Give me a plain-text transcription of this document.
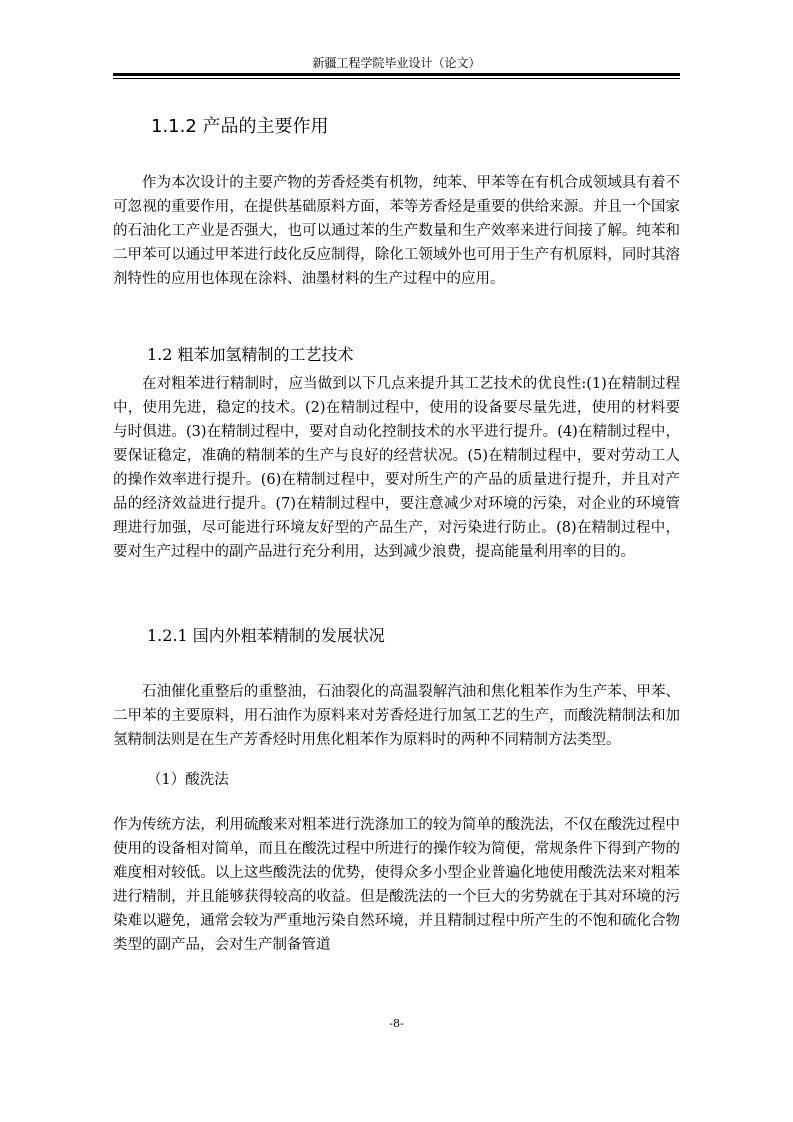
新疆工程学院毕业设计（论文）
1.1.2 产品的主要作用

作为本次设计的主要产物的芳香烃类有机物，纯苯、甲苯等在有机合成领域具有着不可忽视的重要作用，在提供基础原料方面，苯等芳香烃是重要的供给来源。并且一个国家的石油化工产业是否强大，也可以通过苯的生产数量和生产效率来进行间接了解。纯苯和二甲苯可以通过甲苯进行歧化反应制得，除化工领域外也可用于生产有机原料，同时其溶剂特性的应用也体现在涂料、油墨材料的生产过程中的应用。

1.2 粗苯加氢精制的工艺技术

在对粗苯进行精制时，应当做到以下几点来提升其工艺技术的优良性:(1)在精制过程中，使用先进，稳定的技术。(2)在精制过程中，使用的设备要尽量先进，使用的材料要与时俱进。(3)在精制过程中，要对自动化控制技术的水平进行提升。(4)在精制过程中，要保证稳定，准确的精制苯的生产与良好的经营状况。(5)在精制过程中，要对劳动工人的操作效率进行提升。(6)在精制过程中，要对所生产的产品的质量进行提升，并且对产品的经济效益进行提升。(7)在精制过程中，要注意减少对环境的污染，对企业的环境管理进行加强，尽可能进行环境友好型的产品生产，对污染进行防止。(8)在精制过程中，要对生产过程中的副产品进行充分利用，达到减少浪费，提高能量利用率的目的。

1.2.1 国内外粗苯精制的发展状况

石油催化重整后的重整油，石油裂化的高温裂解汽油和焦化粗苯作为生产苯、甲苯、二甲苯的主要原料，用石油作为原料来对芳香烃进行加氢工艺的生产，而酸洗精制法和加氢精制法则是在生产芳香烃时用焦化粗苯作为原料时的两种不同精制方法类型。

（1）酸洗法

作为传统方法，利用硫酸来对粗苯进行洗涤加工的较为简单的酸洗法，不仅在酸洗过程中使用的设备相对简单，而且在酸洗过程中所进行的操作较为简便，常规条件下得到产物的难度相对较低。以上这些酸洗法的优势，使得众多小型企业普遍化地使用酸洗法来对粗苯进行精制，并且能够获得较高的收益。但是酸洗法的一个巨大的劣势就在于其对环境的污染难以避免，通常会较为严重地污染自然环境，并且精制过程中所产生的不饱和硫化合物类型的副产品，会对生产制备管道

-8-
